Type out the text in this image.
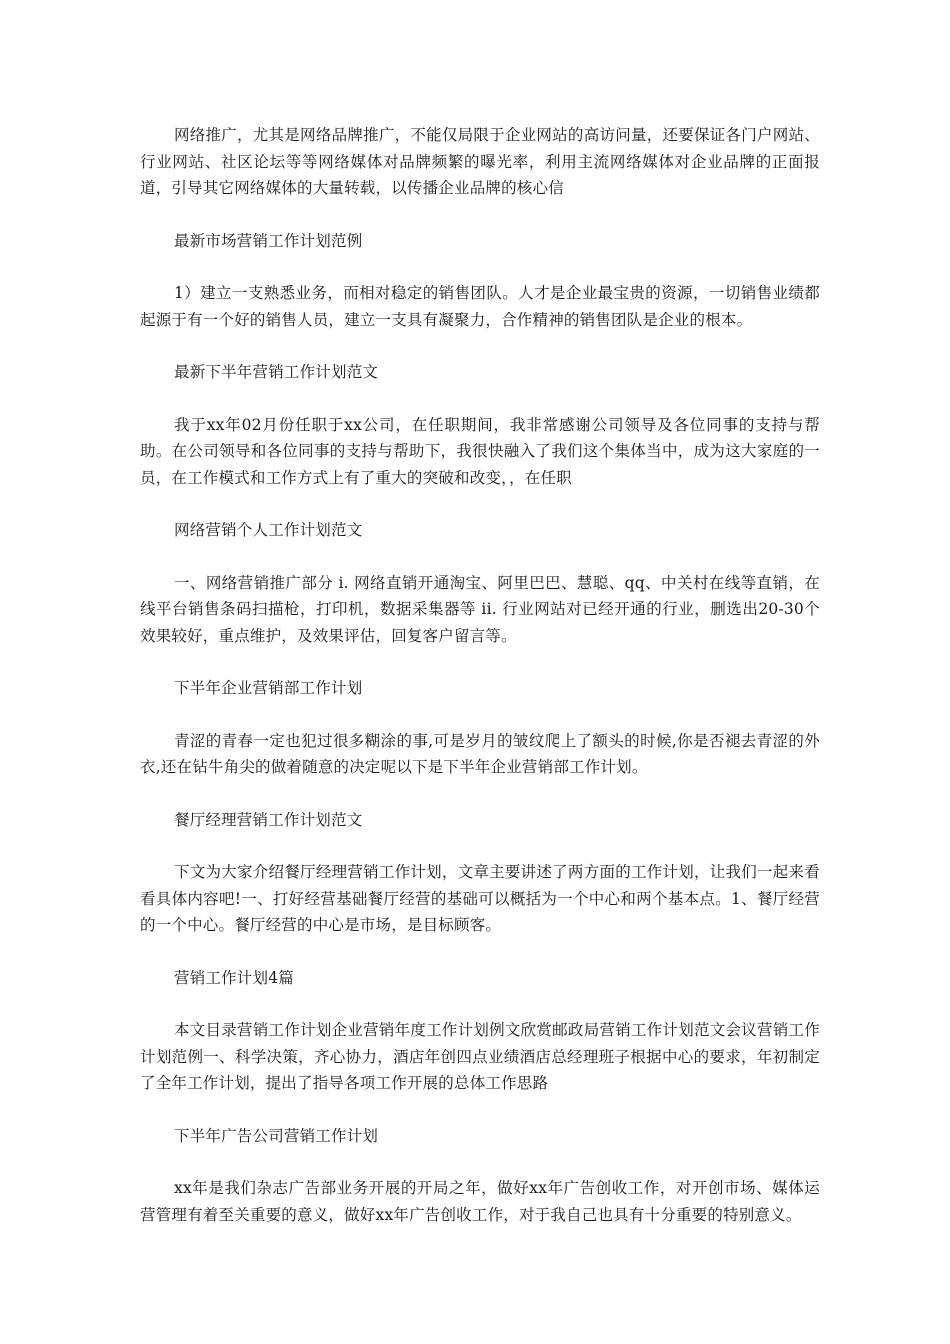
网络推广，尤其是网络品牌推广，不能仅局限于企业网站的高访问量，还要保证各门户网站、行业网站、社区论坛等等网络媒体对品牌频繁的曝光率，利用主流网络媒体对企业品牌的正面报道，引导其它网络媒体的大量转载，以传播企业品牌的核心信

最新市场营销工作计划范例

1）建立一支熟悉业务，而相对稳定的销售团队。人才是企业最宝贵的资源，一切销售业绩都起源于有一个好的销售人员，建立一支具有凝聚力，合作精神的销售团队是企业的根本。

最新下半年营销工作计划范文

我于xx年02月份任职于xx公司，在任职期间，我非常感谢公司领导及各位同事的支持与帮助。在公司领导和各位同事的支持与帮助下，我很快融入了我们这个集体当中，成为这大家庭的一员，在工作模式和工作方式上有了重大的突破和改变，，在任职

网络营销个人工作计划范文

一、网络营销推广部分 i. 网络直销开通淘宝、阿里巴巴、慧聪、qq、中关村在线等直销，在线平台销售条码扫描枪，打印机，数据采集器等 ii. 行业网站对已经开通的行业，删选出20-30个效果较好，重点维护，及效果评估，回复客户留言等。

下半年企业营销部工作计划

青涩的青春一定也犯过很多糊涂的事,可是岁月的皱纹爬上了额头的时候,你是否褪去青涩的外衣,还在钻牛角尖的做着随意的决定呢以下是下半年企业营销部工作计划。

餐厅经理营销工作计划范文

下文为大家介绍餐厅经理营销工作计划，文章主要讲述了两方面的工作计划，让我们一起来看看具体内容吧!一、打好经营基础餐厅经营的基础可以概括为一个中心和两个基本点。1、餐厅经营的一个中心。餐厅经营的中心是市场，是目标顾客。

营销工作计划4篇

本文目录营销工作计划企业营销年度工作计划例文欣赏邮政局营销工作计划范文会议营销工作计划范例一、科学决策，齐心协力，酒店年创四点业绩酒店总经理班子根据中心的要求，年初制定了全年工作计划，提出了指导各项工作开展的总体工作思路

下半年广告公司营销工作计划

xx年是我们杂志广告部业务开展的开局之年，做好xx年广告创收工作，对开创市场、媒体运营管理有着至关重要的意义，做好xx年广告创收工作，对于我自己也具有十分重要的特别意义。
